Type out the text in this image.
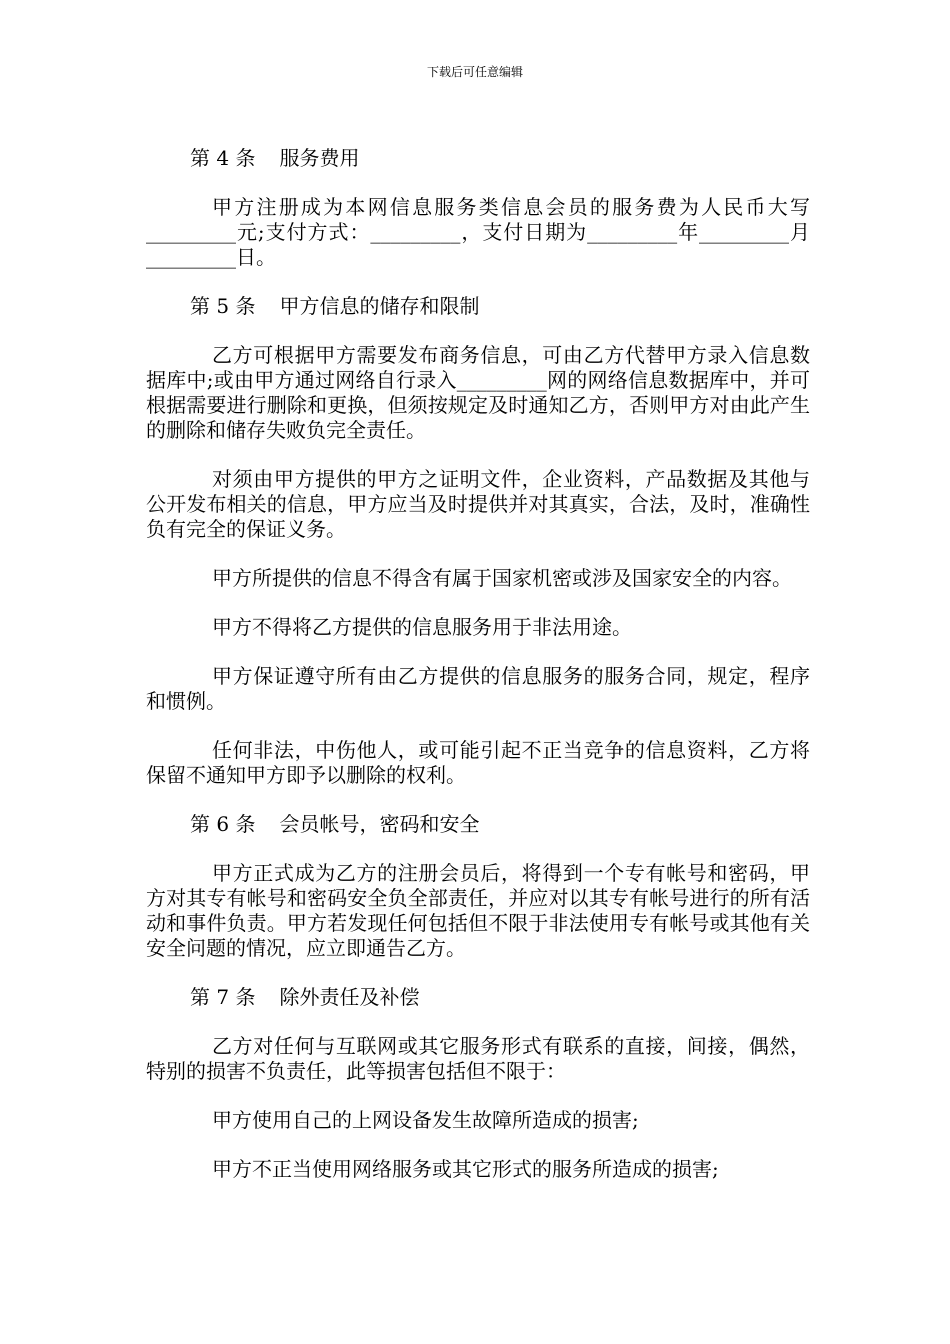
下载后可任意编辑
第 4 条 服务费用
甲方注册成为本网信息服务类信息会员的服务费为人民币大写_________元;支付方式：_________，支付日期为_________年_________月_________日。
第 5 条 甲方信息的储存和限制
乙方可根据甲方需要发布商务信息，可由乙方代替甲方录入信息数据库中;或由甲方通过网络自行录入_________网的网络信息数据库中，并可根据需要进行删除和更换，但须按规定及时通知乙方，否则甲方对由此产生的删除和储存失败负完全责任。
对须由甲方提供的甲方之证明文件，企业资料，产品数据及其他与公开发布相关的信息，甲方应当及时提供并对其真实，合法，及时，准确性负有完全的保证义务。
甲方所提供的信息不得含有属于国家机密或涉及国家安全的内容。
甲方不得将乙方提供的信息服务用于非法用途。
甲方保证遵守所有由乙方提供的信息服务的服务合同，规定，程序和惯例。
任何非法，中伤他人，或可能引起不正当竞争的信息资料，乙方将保留不通知甲方即予以删除的权利。
第 6 条 会员帐号，密码和安全
甲方正式成为乙方的注册会员后，将得到一个专有帐号和密码，甲方对其专有帐号和密码安全负全部责任，并应对以其专有帐号进行的所有活动和事件负责。甲方若发现任何包括但不限于非法使用专有帐号或其他有关安全问题的情况，应立即通告乙方。
第 7 条 除外责任及补偿
乙方对任何与互联网或其它服务形式有联系的直接，间接，偶然，特别的损害不负责任，此等损害包括但不限于：
甲方使用自己的上网设备发生故障所造成的损害;
甲方不正当使用网络服务或其它形式的服务所造成的损害;
